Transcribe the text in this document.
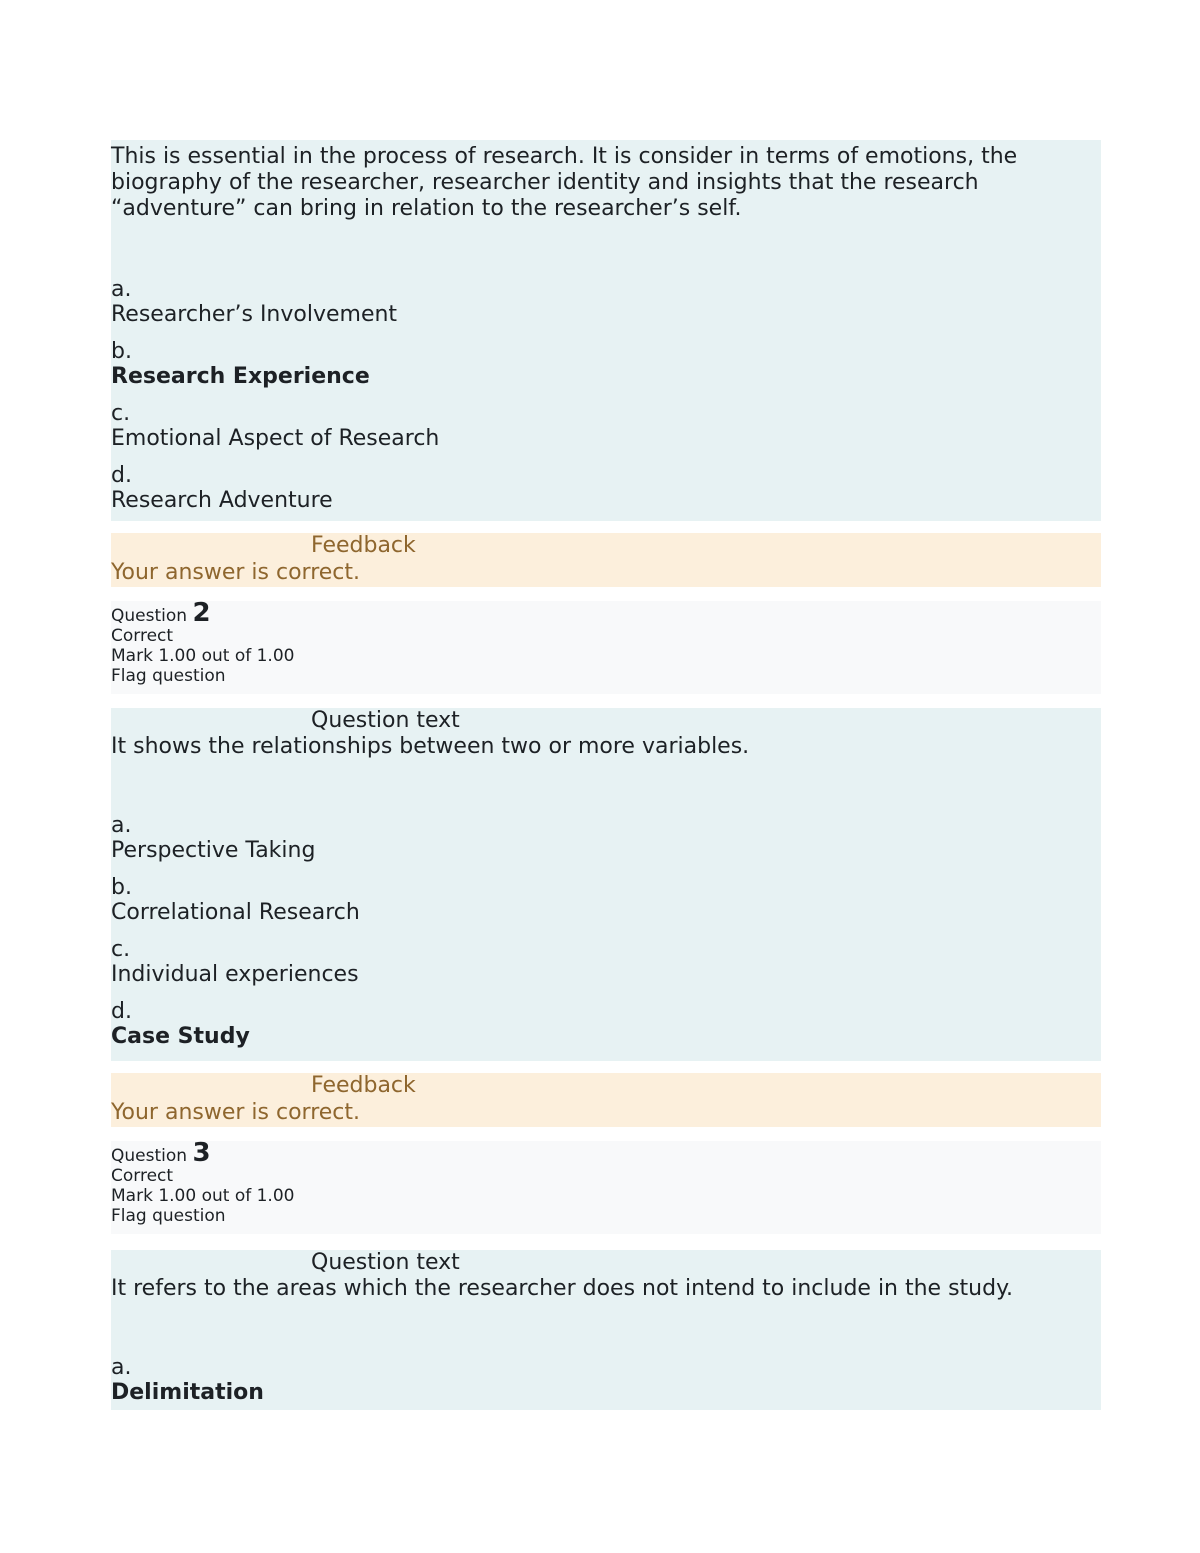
This is essential in the process of research. It is consider in terms of emotions, the biography of the researcher, researcher identity and insights that the research “adventure” can bring in relation to the researcher’s self.

a.
Researcher’s Involvement
b.
Research Experience
c.
Emotional Aspect of Research
d.
Research Adventure
Feedback
Your answer is correct.
Question 2
Correct
Mark 1.00 out of 1.00
Flag question
Question text

It shows the relationships between two or more variables.

a.
Perspective Taking
b.
Correlational Research
c.
Individual experiences
d.
Case Study
Feedback
Your answer is correct.
Question 3
Correct
Mark 1.00 out of 1.00
Flag question
Question text

It refers to the areas which the researcher does not intend to include in the study.

a.
Delimitation
